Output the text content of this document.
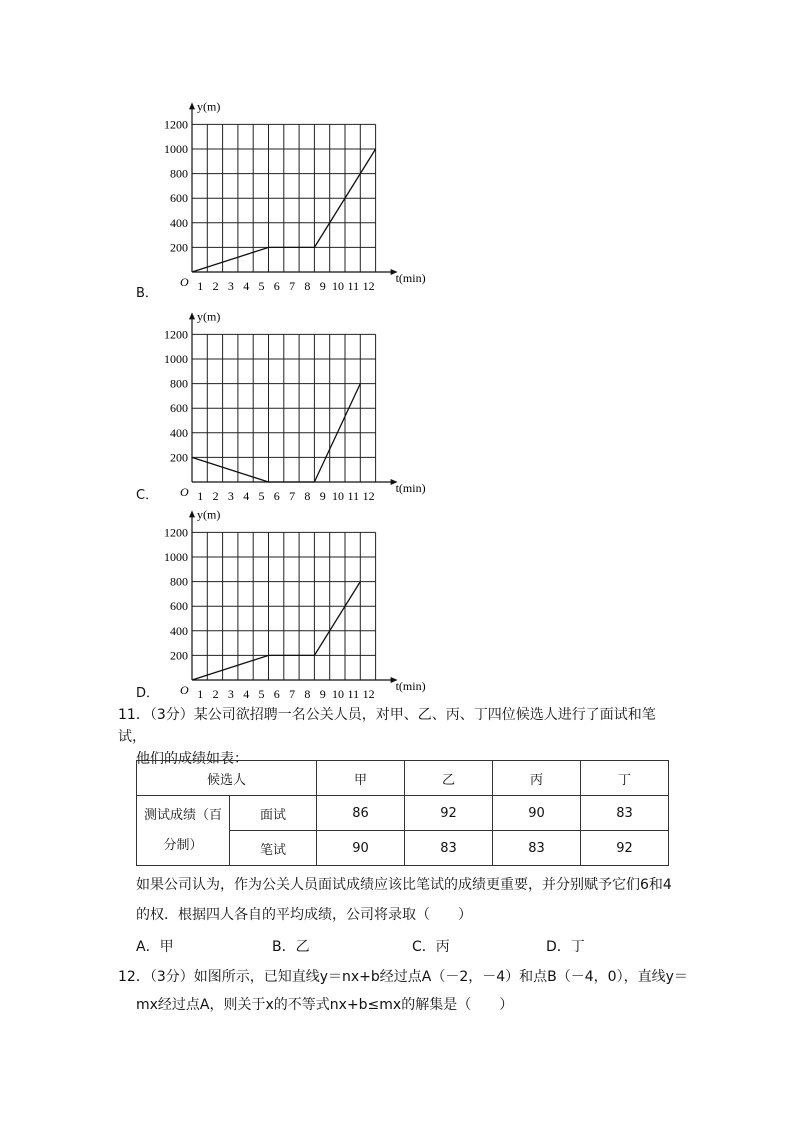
B．
200
400
600
800
1000
1200
1 2 3 4 5 6 7 8 9 10 11 12
O
y(m)
t(min)
C．
200
400
600
800
1000
1200
1 2 3 4 5 6 7 8 9 10 11 12
O
y(m)
t(min)
D．
200
400
600
800
1000
1200
1 2 3 4 5 6 7 8 9 10 11 12
O
y(m)
t(min)
11．（3分）某公司欲招聘一名公关人员，对甲、乙、丙、丁四位候选人进行了面试和笔试，
他们的成绩如表：
候选人		甲	乙	丙	丁
测试成绩（百分制）	面试	86	92	90	83
	笔试	90	83	83	92
如果公司认为，作为公关人员面试成绩应该比笔试的成绩更重要，并分别赋予它们6和4
的权．根据四人各自的平均成绩，公司将录取（　　）
A．甲	B．乙	C．丙	D．丁
12．（3分）如图所示，已知直线y＝nx+b经过点A（－2，－4）和点B（－4，0），直线y＝
mx经过点A，则关于x的不等式nx+b≤mx的解集是（　　）
